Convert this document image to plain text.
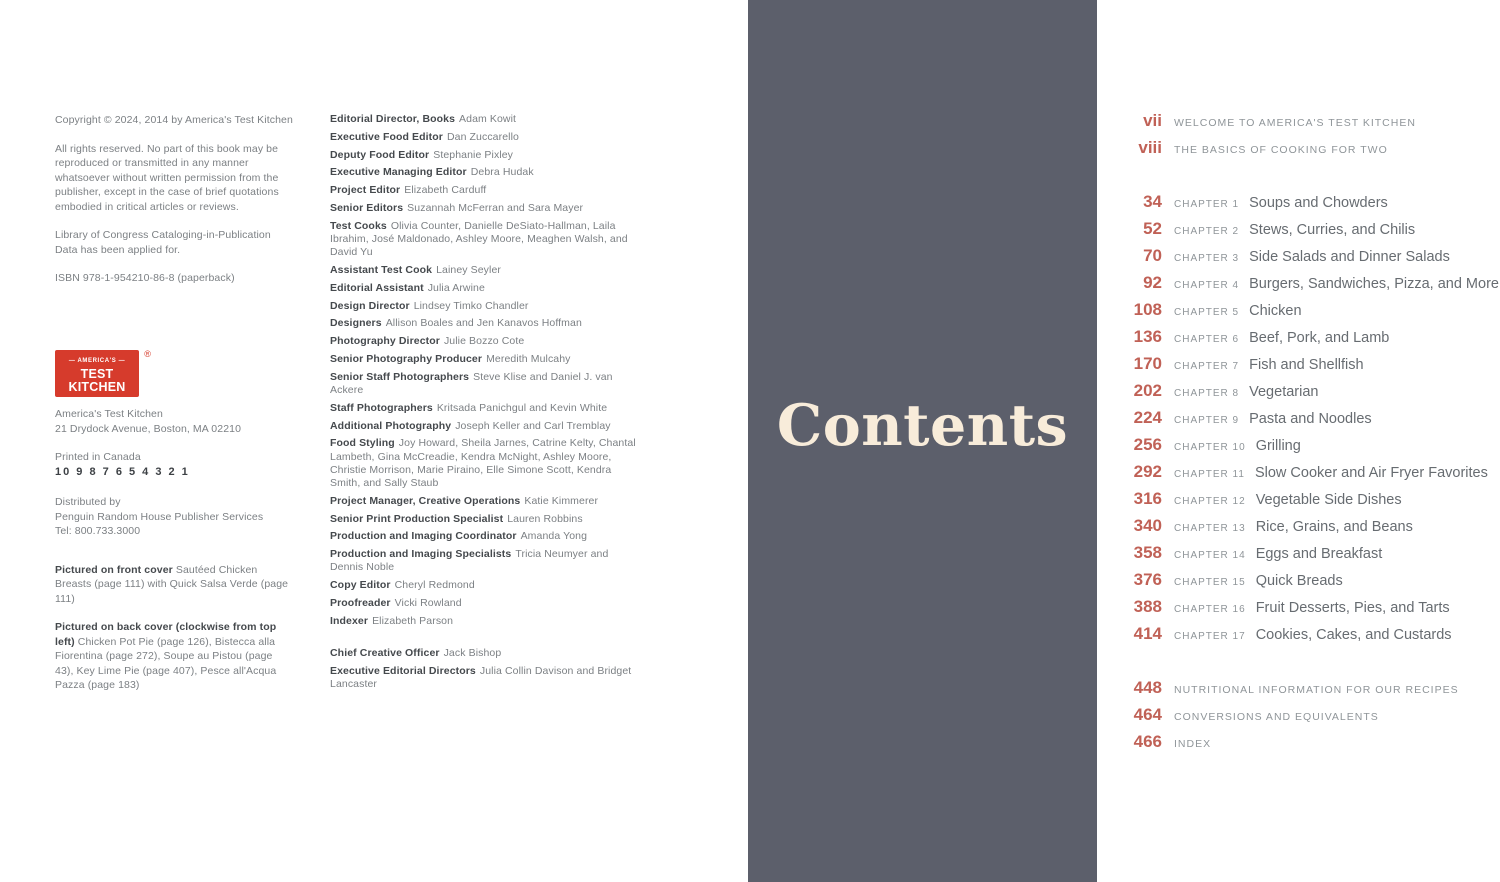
Copyright © 2024, 2014 by America's Test Kitchen

All rights reserved. No part of this book may be reproduced or transmitted in any manner whatsoever without written permission from the publisher, except in the case of brief quotations embodied in critical articles or reviews.

Library of Congress Cataloging-in-Publication Data has been applied for.

ISBN 978-1-954210-86-8 (paperback)

— AMERICA'S —
TEST KITCHEN
®

America's Test Kitchen
21 Drydock Avenue, Boston, MA 02210

Printed in Canada
10 9 8 7 6 5 4 3 2 1

Distributed by
Penguin Random House Publisher Services
Tel: 800.733.3000

Pictured on front cover Sautéed Chicken Breasts (page 111) with Quick Salsa Verde (page 111)

Pictured on back cover (clockwise from top left) Chicken Pot Pie (page 126), Bistecca alla Fiorentina (page 272), Soupe au Pistou (page 43), Key Lime Pie (page 407), Pesce all'Acqua Pazza (page 183)

Editorial Director, Books Adam Kowit

Executive Food Editor Dan Zuccarello

Deputy Food Editor Stephanie Pixley

Executive Managing Editor Debra Hudak

Project Editor Elizabeth Carduff

Senior Editors Suzannah McFerran and Sara Mayer

Test Cooks Olivia Counter, Danielle DeSiato-Hallman, Laila Ibrahim, José Maldonado, Ashley Moore, Meaghen Walsh, and David Yu

Assistant Test Cook Lainey Seyler

Editorial Assistant Julia Arwine

Design Director Lindsey Timko Chandler

Designers Allison Boales and Jen Kanavos Hoffman

Photography Director Julie Bozzo Cote

Senior Photography Producer Meredith Mulcahy

Senior Staff Photographers Steve Klise and Daniel J. van Ackere

Staff Photographers Kritsada Panichgul and Kevin White

Additional Photography Joseph Keller and Carl Tremblay

Food Styling Joy Howard, Sheila Jarnes, Catrine Kelty, Chantal Lambeth, Gina McCreadie, Kendra McNight, Ashley Moore, Christie Morrison, Marie Piraino, Elle Simone Scott, Kendra Smith, and Sally Staub

Project Manager, Creative Operations Katie Kimmerer

Senior Print Production Specialist Lauren Robbins

Production and Imaging Coordinator Amanda Yong

Production and Imaging Specialists Tricia Neumyer and Dennis Noble

Copy Editor Cheryl Redmond

Proofreader Vicki Rowland

Indexer Elizabeth Parson

Chief Creative Officer Jack Bishop

Executive Editorial Directors Julia Collin Davison and Bridget Lancaster

Contents
vii WELCOME TO AMERICA'S TEST KITCHEN
viii THE BASICS OF COOKING FOR TWO
34 CHAPTER 1 Soups and Chowders
52 CHAPTER 2 Stews, Curries, and Chilis
70 CHAPTER 3 Side Salads and Dinner Salads
92 CHAPTER 4 Burgers, Sandwiches, Pizza, and More
108 CHAPTER 5 Chicken
136 CHAPTER 6 Beef, Pork, and Lamb
170 CHAPTER 7 Fish and Shellfish
202 CHAPTER 8 Vegetarian
224 CHAPTER 9 Pasta and Noodles
256 CHAPTER 10 Grilling
292 CHAPTER 11 Slow Cooker and Air Fryer Favorites
316 CHAPTER 12 Vegetable Side Dishes
340 CHAPTER 13 Rice, Grains, and Beans
358 CHAPTER 14 Eggs and Breakfast
376 CHAPTER 15 Quick Breads
388 CHAPTER 16 Fruit Desserts, Pies, and Tarts
414 CHAPTER 17 Cookies, Cakes, and Custards
448 NUTRITIONAL INFORMATION FOR OUR RECIPES
464 CONVERSIONS AND EQUIVALENTS
466 INDEX
